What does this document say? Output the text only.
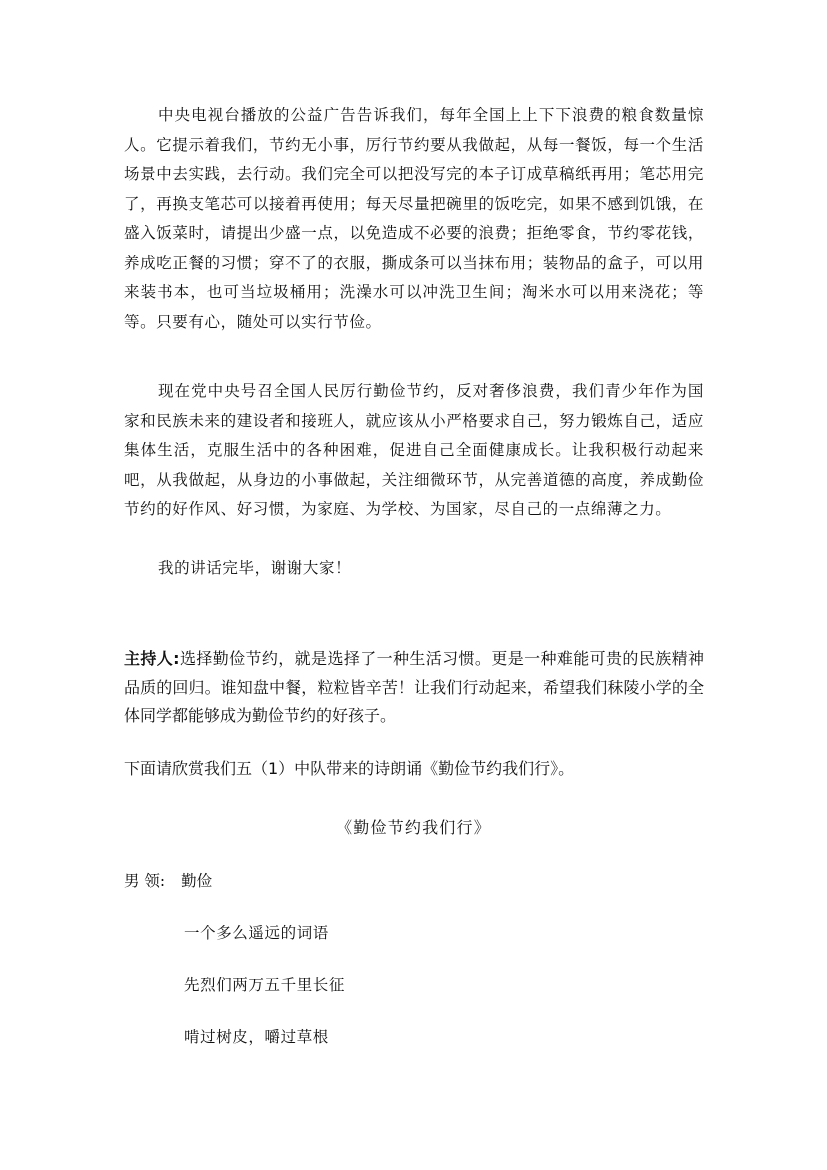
中央电视台播放的公益广告告诉我们，每年全国上上下下浪费的粮食数量惊人。它提示着我们，节约无小事，厉行节约要从我做起，从每一餐饭，每一个生活场景中去实践，去行动。我们完全可以把没写完的本子订成草稿纸再用；笔芯用完了，再换支笔芯可以接着再使用；每天尽量把碗里的饭吃完，如果不感到饥饿，在盛入饭菜时，请提出少盛一点，以免造成不必要的浪费；拒绝零食，节约零花钱，养成吃正餐的习惯；穿不了的衣服，撕成条可以当抹布用；装物品的盒子，可以用来装书本，也可当垃圾桶用；洗澡水可以冲洗卫生间；淘米水可以用来浇花；等等。只要有心，随处可以实行节俭。

现在党中央号召全国人民厉行勤俭节约，反对奢侈浪费，我们青少年作为国家和民族未来的建设者和接班人，就应该从小严格要求自己，努力锻炼自己，适应集体生活，克服生活中的各种困难，促进自己全面健康成长。让我积极行动起来吧，从我做起，从身边的小事做起，关注细微环节，从完善道德的高度，养成勤俭节约的好作风、好习惯，为家庭、为学校、为国家，尽自己的一点绵薄之力。

我的讲话完毕，谢谢大家！

主持人:选择勤俭节约，就是选择了一种生活习惯。更是一种难能可贵的民族精神品质的回归。谁知盘中餐，粒粒皆辛苦！让我们行动起来，希望我们秣陵小学的全体同学都能够成为勤俭节约的好孩子。

下面请欣赏我们五（1）中队带来的诗朗诵《勤俭节约我们行》。

《勤俭节约我们行》
男 领: 勤俭
一个多么遥远的词语
先烈们两万五千里长征
啃过树皮，嚼过草根
